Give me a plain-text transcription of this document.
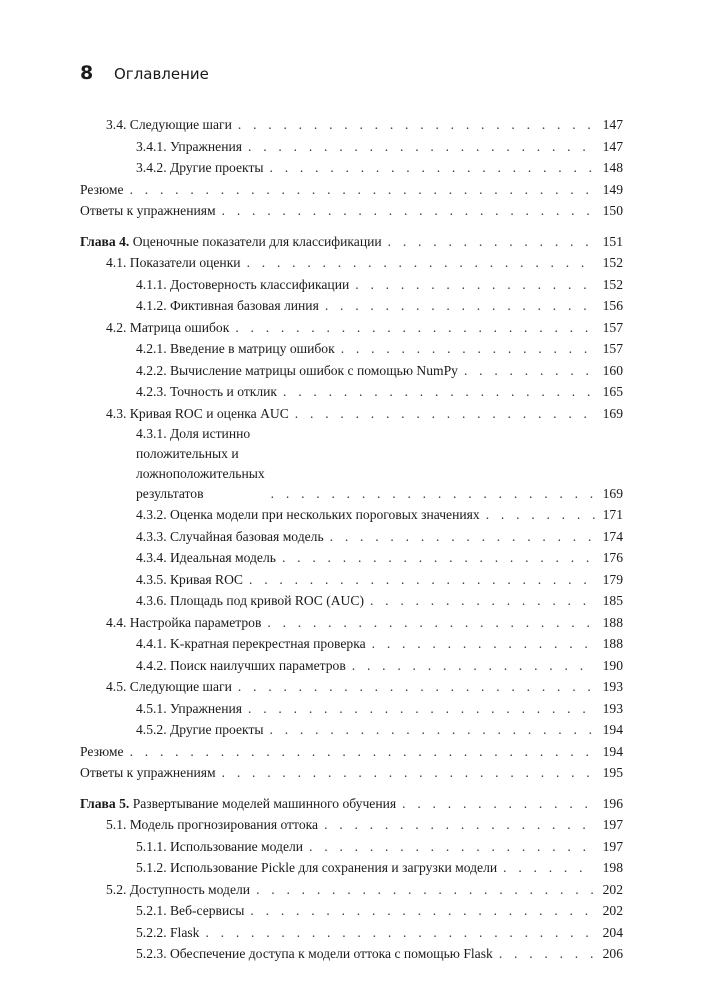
8	Оглавление
3.4. Следующие шаги . . .	147
3.4.1. Упражнения . . .	147
3.4.2. Другие проекты . . .	148
Резюме . . .	149
Ответы к упражнениям . . .	150
Глава 4. Оценочные показатели для классификации . . .	151
4.1. Показатели оценки . . .	152
4.1.1. Достоверность классификации . . .	152
4.1.2. Фиктивная базовая линия . . .	156
4.2. Матрица ошибок . . .	157
4.2.1. Введение в матрицу ошибок . . .	157
4.2.2. Вычисление матрицы ошибок с помощью NumPy . . .	160
4.2.3. Точность и отклик . . .	165
4.3. Кривая ROC и оценка AUC . . .	169
4.3.1. Доля истинно положительных и ложноположительных результатов . . .	169
4.3.2. Оценка модели при нескольких пороговых значениях . . .	171
4.3.3. Случайная базовая модель . . .	174
4.3.4. Идеальная модель . . .	176
4.3.5. Кривая ROC . . .	179
4.3.6. Площадь под кривой ROC (AUC) . . .	185
4.4. Настройка параметров . . .	188
4.4.1. K-кратная перекрестная проверка . . .	188
4.4.2. Поиск наилучших параметров . . .	190
4.5. Следующие шаги . . .	193
4.5.1. Упражнения . . .	193
4.5.2. Другие проекты . . .	194
Резюме . . .	194
Ответы к упражнениям . . .	195
Глава 5. Развертывание моделей машинного обучения . . .	196
5.1. Модель прогнозирования оттока . . .	197
5.1.1. Использование модели . . .	197
5.1.2. Использование Pickle для сохранения и загрузки модели . . .	198
5.2. Доступность модели . . .	202
5.2.1. Веб-сервисы . . .	202
5.2.2. Flask . . .	204
5.2.3. Обеспечение доступа к модели оттока с помощью Flask . . .	206
